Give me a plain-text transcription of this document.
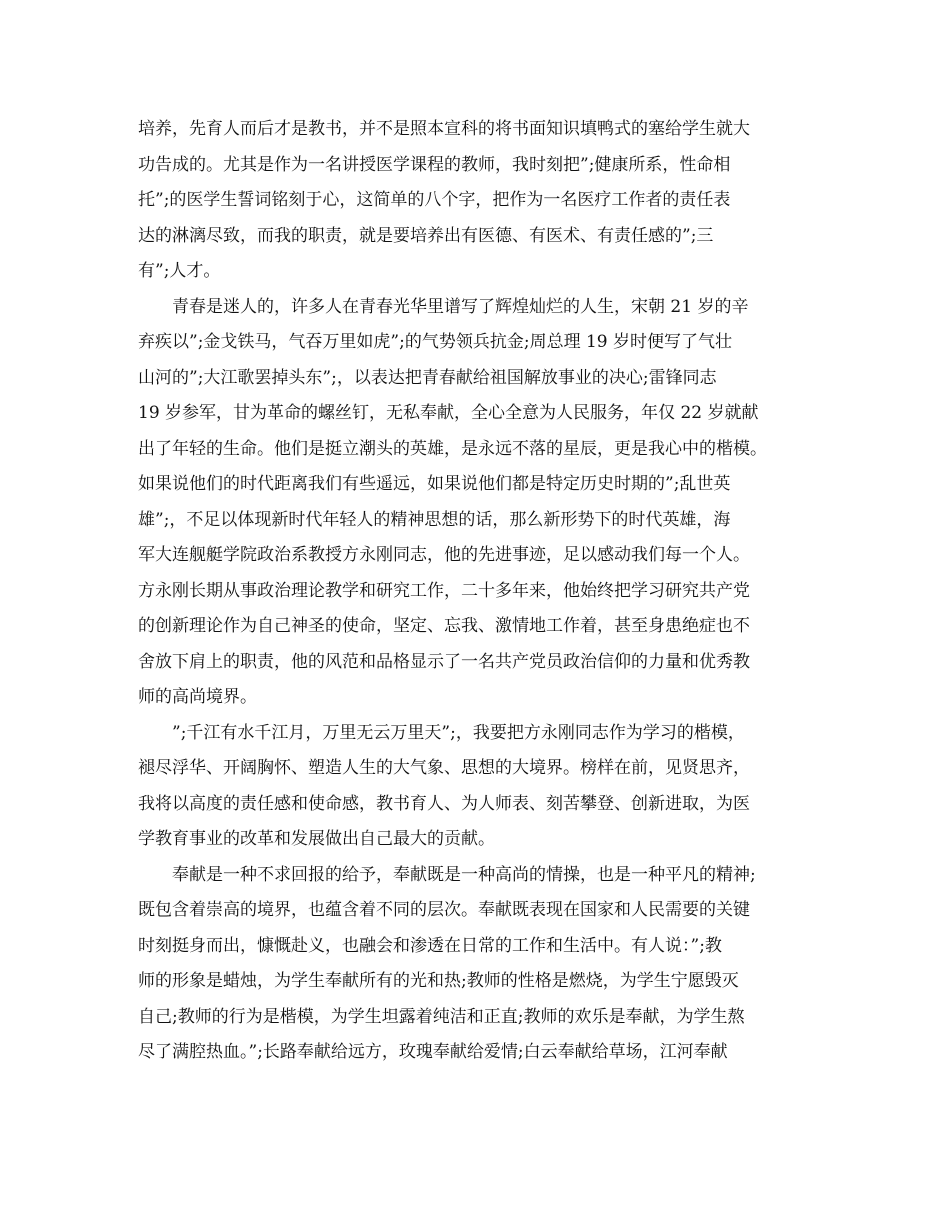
培养，先育人而后才是教书，并不是照本宣科的将书面知识填鸭式的塞给学生就大
功告成的。尤其是作为一名讲授医学课程的教师，我时刻把”;健康所系，性命相
托”;的医学生誓词铭刻于心，这简单的八个字，把作为一名医疗工作者的责任表
达的淋漓尽致，而我的职责，就是要培养出有医德、有医术、有责任感的”;三
有”;人才。
青春是迷人的，许多人在青春光华里谱写了辉煌灿烂的人生，宋朝 21 岁的辛
弃疾以”;金戈铁马，气吞万里如虎”;的气势领兵抗金;周总理 19 岁时便写了气壮
山河的”;大江歌罢掉头东”;，以表达把青春献给祖国解放事业的决心;雷锋同志
19 岁参军，甘为革命的螺丝钉，无私奉献，全心全意为人民服务，年仅 22 岁就献
出了年轻的生命。他们是挺立潮头的英雄，是永远不落的星辰，更是我心中的楷模。
如果说他们的时代距离我们有些遥远，如果说他们都是特定历史时期的”;乱世英
雄”;，不足以体现新时代年轻人的精神思想的话，那么新形势下的时代英雄，海
军大连舰艇学院政治系教授方永刚同志，他的先进事迹，足以感动我们每一个人。
方永刚长期从事政治理论教学和研究工作，二十多年来，他始终把学习研究共产党
的创新理论作为自己神圣的使命，坚定、忘我、激情地工作着，甚至身患绝症也不
舍放下肩上的职责，他的风范和品格显示了一名共产党员政治信仰的力量和优秀教
师的高尚境界。
”;千江有水千江月，万里无云万里天”;，我要把方永刚同志作为学习的楷模，
褪尽浮华、开阔胸怀、塑造人生的大气象、思想的大境界。榜样在前，见贤思齐，
我将以高度的责任感和使命感，教书育人、为人师表、刻苦攀登、创新进取，为医
学教育事业的改革和发展做出自己最大的贡献。
奉献是一种不求回报的给予，奉献既是一种高尚的情操，也是一种平凡的精神;
既包含着崇高的境界，也蕴含着不同的层次。奉献既表现在国家和人民需要的关键
时刻挺身而出，慷慨赴义，也融会和渗透在日常的工作和生活中。有人说：”;教
师的形象是蜡烛，为学生奉献所有的光和热;教师的性格是燃烧，为学生宁愿毁灭
自己;教师的行为是楷模，为学生坦露着纯洁和正直;教师的欢乐是奉献，为学生熬
尽了满腔热血。”;长路奉献给远方，玫瑰奉献给爱情;白云奉献给草场，江河奉献
